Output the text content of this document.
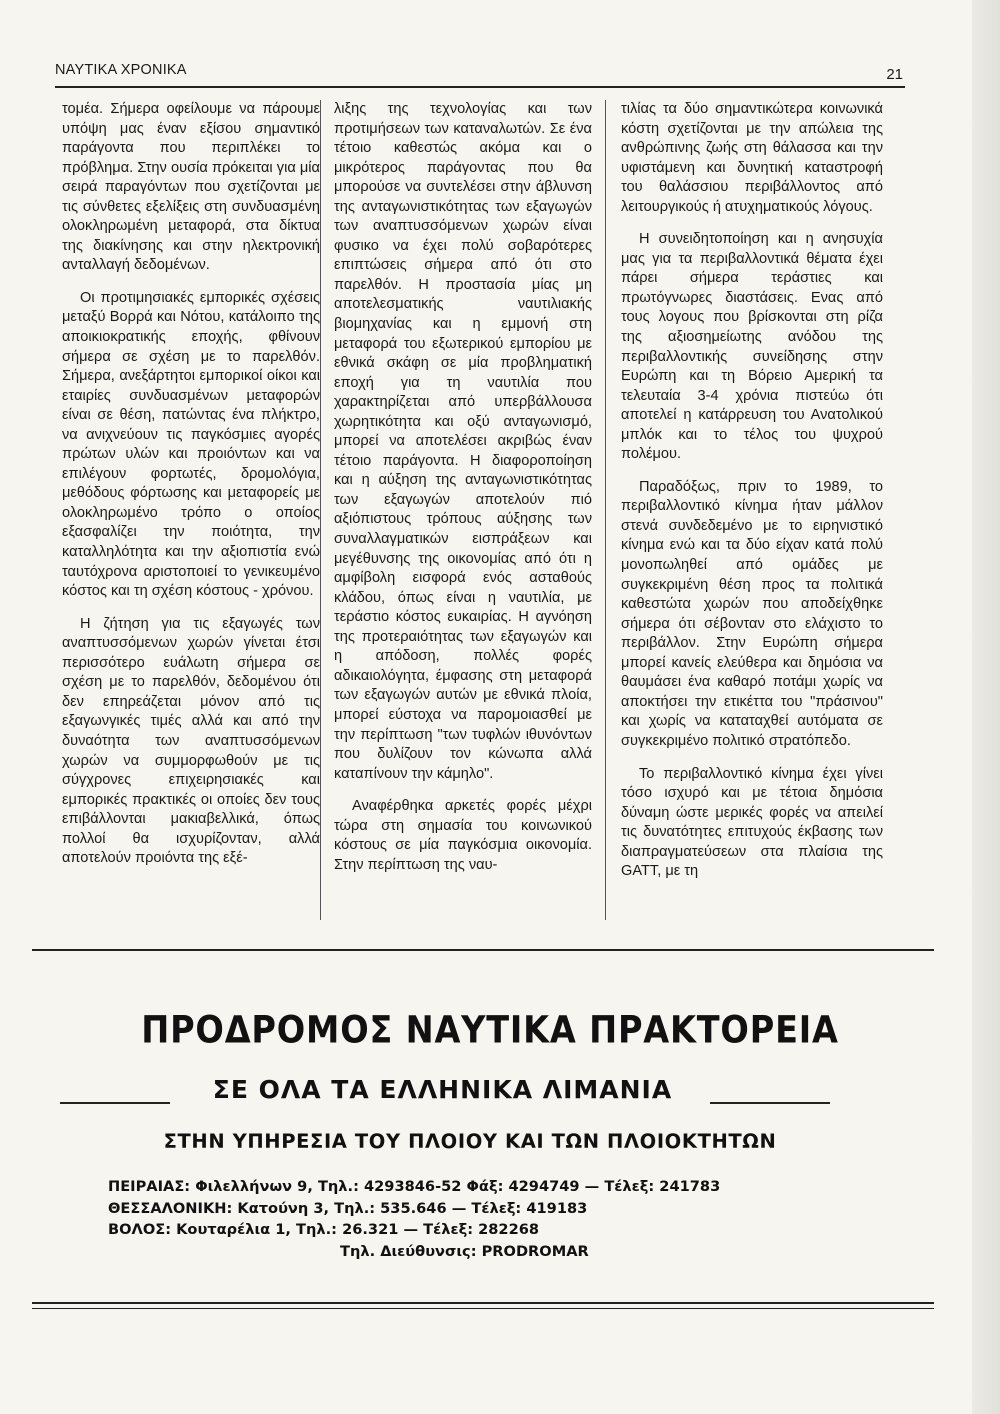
ΝΑΥΤΙΚΑ ΧΡΟΝΙΚΑ	21

τομέα. Σήμερα οφείλουμε να πάρουμε υπόψη μας έναν εξίσου σημαντικό παράγοντα που περιπλέκει το πρόβλημα. Στην ουσία πρόκειται για μία σειρά παραγόντων που σχετίζονται με τις σύνθετες εξελίξεις στη συνδυασμένη ολοκληρωμένη μεταφορά, στα δίκτυα της διακίνησης και στην ηλεκτρονική ανταλλαγή δεδομένων.

Οι προτιμησιακές εμπορικές σχέσεις μεταξύ Βορρά και Νότου, κατάλοιπο της αποικιοκρατικής εποχής, φθίνουν σήμερα σε σχέση με το παρελθόν. Σήμερα, ανεξάρτητοι εμπορικοί οίκοι και εταιρίες συνδυασμένων μεταφορών είναι σε θέση, πατώντας ένα πλήκτρο, να ανιχνεύουν τις παγκόσμιες αγορές πρώτων υλών και προιόντων και να επιλέγουν φορτωτές, δρομολόγια, μεθόδους φόρτωσης και μεταφορείς με ολοκληρωμένο τρόπο ο οποίος εξασφαλίζει την ποιότητα, την καταλληλότητα και την αξιοπιστία ενώ ταυτόχρονα αριστοποιεί το γενικευμένο κόστος και τη σχέση κόστους - χρόνου.

Η ζήτηση για τις εξαγωγές των αναπτυσσόμενων χωρών γίνεται έτσι περισσότερο ευάλωτη σήμερα σε σχέση με το παρελθόν, δεδομένου ότι δεν επηρεάζεται μόνον από τις εξαγωνγικές τιμές αλλά και από την δυναότητα των αναπτυσσόμενων χωρών να συμμορφωθούν με τις σύγχρονες επιχειρησιακές και εμπορικές πρακτικές οι οποίες δεν τους επιβάλλονται μακιαβελλικά, όπως πολλοί θα ισχυρίζονταν, αλλά αποτελούν προιόντα της εξέ-

λιξης της τεχνολογίας και των προτιμήσεων των καταναλωτών. Σε ένα τέτοιο καθεστώς ακόμα και ο μικρότερος παράγοντας που θα μπορούσε να συντελέσει στην άβλυνση της ανταγωνιστικότητας των εξαγωγών των αναπτυσσόμενων χωρών είναι φυσικο να έχει πολύ σοβαρότερες επιπτώσεις σήμερα από ότι στο παρελθόν. Η προστασία μίας μη αποτελεσματικής ναυτιλιακής βιομηχανίας και η εμμονή στη μεταφορά του εξωτερικού εμπορίου με εθνικά σκάφη σε μία προβληματική εποχή για τη ναυτιλία που χαρακτηρίζεται από υπερβάλλουσα χωρητικότητα και οξύ ανταγωνισμό, μπορεί να αποτελέσει ακριβώς έναν τέτοιο παράγοντα. Η διαφοροποίηση και η αύξηση της ανταγωνιστικότητας των εξαγωγών αποτελούν πιό αξιόπιστους τρόπους αύξησης των συναλλαγματικών εισπράξεων και μεγέθυνσης της οικονομίας από ότι η αμφίβολη εισφορά ενός ασταθούς κλάδου, όπως είναι η ναυτιλία, με τεράστιο κόστος ευκαιρίας. Η αγνόηση της προτεραιότητας των εξαγωγών και η απόδοση, πολλές φορές αδικαιολόγητα, έμφασης στη μεταφορά των εξαγωγών αυτών με εθνικά πλοία, μπορεί εύστοχα να παρομοιασθεί με την περίπτωση "των τυφλών ιθυνόντων που δυλίζουν τον κώνωπα αλλά καταπίνουν την κάμηλο".

Αναφέρθηκα αρκετές φορές μέχρι τώρα στη σημασία του κοινωνικού κόστους σε μία παγκόσμια οικονομία. Στην περίπτωση της ναυ-

τιλίας τα δύο σημαντικώτερα κοινωνικά κόστη σχετίζονται με την απώλεια της ανθρώπινης ζωής στη θάλασσα και την υφιστάμενη και δυνητική καταστροφή του θαλάσσιου περιβάλλοντος από λειτουργικούς ή ατυχηματικούς λόγους.

Η συνειδητοποίηση και η ανησυχία μας για τα περιβαλλοντικά θέματα έχει πάρει σήμερα τεράστιες και πρωτόγνωρες διαστάσεις. Ενας από τους λογους που βρίσκονται στη ρίζα της αξιοσημείωτης ανόδου της περιβαλλοντικής συνείδησης στην Ευρώπη και τη Βόρειο Αμερική τα τελευταία 3-4 χρόνια πιστεύω ότι αποτελεί η κατάρρευση του Ανατολικού μπλόκ και το τέλος του ψυχρού πολέμου.

Παραδόξως, πριν το 1989, το περιβαλλοντικό κίνημα ήταν μάλλον στενά συνδεδεμένο με το ειρηνιστικό κίνημα ενώ και τα δύο είχαν κατά πολύ μονοπωληθεί από ομάδες με συγκεκριμένη θέση προς τα πολιτικά καθεστώτα χωρών που αποδείχθηκε σήμερα ότι σέβονταν στο ελάχιστο το περιβάλλον. Στην Ευρώπη σήμερα μπορεί κανείς ελεύθερα και δημόσια να θαυμάσει ένα καθαρό ποτάμι χωρίς να αποκτήσει την ετικέττα του "πράσινου" και χωρίς να καταταχθεί αυτόματα σε συγκεκριμένο πολιτικό στρατόπεδο.

Το περιβαλλοντικό κίνημα έχει γίνει τόσο ισχυρό και με τέτοια δημόσια δύναμη ώστε μερικές φορές να απειλεί τις δυνατότητες επιτυχούς έκβασης των διαπραγματεύσεων στα πλαίσια της GATT, με τη

ΠΡΟΔΡΟΜΟΣ ΝΑΥΤΙΚΑ ΠΡΑΚΤΟΡΕΙΑ
ΣΕ ΟΛΑ ΤΑ ΕΛΛΗΝΙΚΑ ΛΙΜΑΝΙΑ
ΣΤΗΝ ΥΠΗΡΕΣΙΑ ΤΟΥ ΠΛΟΙΟΥ ΚΑΙ ΤΩΝ ΠΛΟΙΟΚΤΗΤΩΝ
ΠΕΙΡΑΙΑΣ: Φιλελλήνων 9, Τηλ.: 4293846-52 Φάξ: 4294749 — Τέλεξ: 241783
ΘΕΣΣΑΛΟΝΙΚΗ: Κατούνη 3, Τηλ.: 535.646 — Τέλεξ: 419183
ΒΟΛΟΣ: Κουταρέλια 1, Τηλ.: 26.321 — Τέλεξ: 282268
Τηλ. Διεύθυνσις: PRODROMAR
